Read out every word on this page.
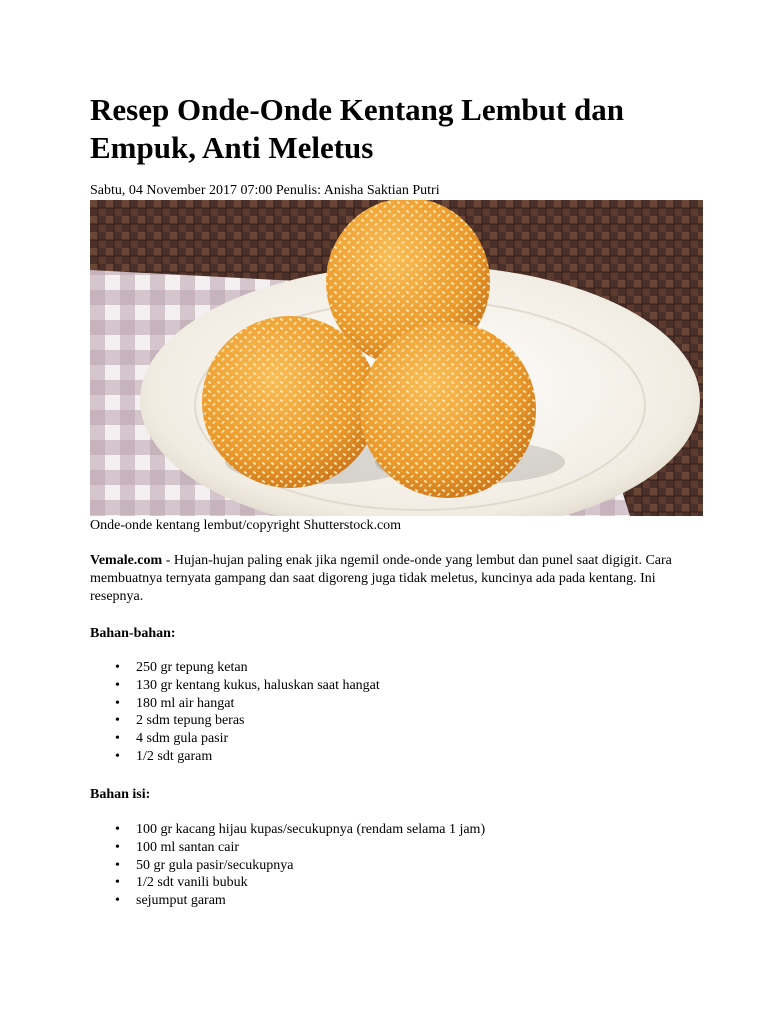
Resep Onde-Onde Kentang Lembut dan Empuk, Anti Meletus

Sabtu, 04 November 2017 07:00 Penulis: Anisha Saktian Putri

Onde-onde kentang lembut/copyright Shutterstock.com

Vemale.com - Hujan-hujan paling enak jika ngemil onde-onde yang lembut dan punel saat digigit. Cara membuatnya ternyata gampang dan saat digoreng juga tidak meletus, kuncinya ada pada kentang. Ini resepnya.

Bahan-bahan:

• 250 gr tepung ketan
• 130 gr kentang kukus, haluskan saat hangat
• 180 ml air hangat
• 2 sdm tepung beras
• 4 sdm gula pasir
• 1/2 sdt garam

Bahan isi:

• 100 gr kacang hijau kupas/secukupnya (rendam selama 1 jam)
• 100 ml santan cair
• 50 gr gula pasir/secukupnya
• 1/2 sdt vanili bubuk
• sejumput garam
